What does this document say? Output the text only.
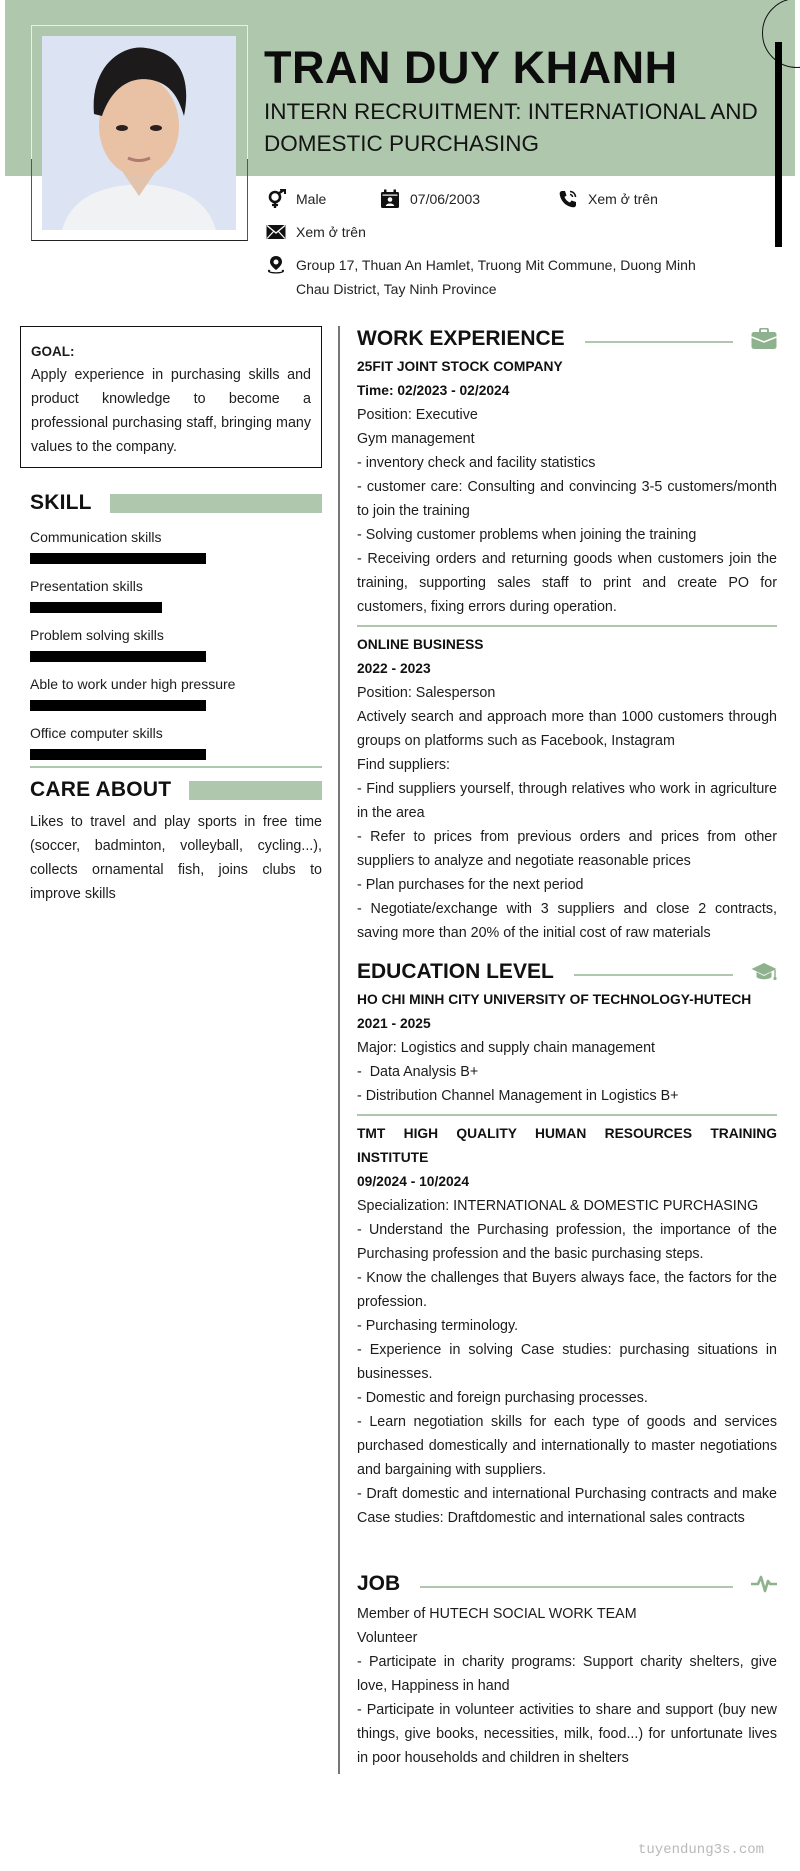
TRAN DUY KHANH
INTERN RECRUITMENT: INTERNATIONAL AND DOMESTIC PURCHASING
Male	07/06/2003	Xem ở trên
Xem ở trên
Group 17, Thuan An Hamlet, Truong Mit Commune, Duong Minh Chau District, Tay Ninh Province
GOAL:
Apply experience in purchasing skills and product knowledge to become a professional purchasing staff, bringing many values to the company.
SKILL
Communication skills
Presentation skills
Problem solving skills
Able to work under high pressure
Office computer skills
CARE ABOUT
Likes to travel and play sports in free time (soccer, badminton, volleyball, cycling...), collects ornamental fish, joins clubs to improve skills
WORK EXPERIENCE
25FIT JOINT STOCK COMPANY
Time: 02/2023 - 02/2024
Position: Executive
Gym management
- inventory check and facility statistics
- customer care: Consulting and convincing 3-5 customers/month to join the training
- Solving customer problems when joining the training
- Receiving orders and returning goods when customers join the training, supporting sales staff to print and create PO for customers, fixing errors during operation.
ONLINE BUSINESS
2022 - 2023
Position: Salesperson
Actively search and approach more than 1000 customers through groups on platforms such as Facebook, Instagram
Find suppliers:
- Find suppliers yourself, through relatives who work in agriculture in the area
- Refer to prices from previous orders and prices from other suppliers to analyze and negotiate reasonable prices
- Plan purchases for the next period
- Negotiate/exchange with 3 suppliers and close 2 contracts, saving more than 20% of the initial cost of raw materials
EDUCATION LEVEL
HO CHI MINH CITY UNIVERSITY OF TECHNOLOGY-HUTECH
2021 - 2025
Major: Logistics and supply chain management
-  Data Analysis B+
- Distribution Channel Management in Logistics B+
TMT HIGH QUALITY HUMAN RESOURCES TRAINING INSTITUTE
09/2024 - 10/2024
Specialization: INTERNATIONAL & DOMESTIC PURCHASING
- Understand the Purchasing profession, the importance of the Purchasing profession and the basic purchasing steps.
- Know the challenges that Buyers always face, the factors for the profession.
- Purchasing terminology.
- Experience in solving Case studies: purchasing situations in businesses.
- Domestic and foreign purchasing processes.
- Learn negotiation skills for each type of goods and services purchased domestically and internationally to master negotiations and bargaining with suppliers.
- Draft domestic and international Purchasing contracts and make Case studies: Draftdomestic and international sales contracts
JOB
Member of HUTECH SOCIAL WORK TEAM
Volunteer
- Participate in charity programs: Support charity shelters, give love, Happiness in hand
- Participate in volunteer activities to share and support (buy new things, give books, necessities, milk, food...) for unfortunate lives in poor households and children in shelters
tuyendung3s.com
